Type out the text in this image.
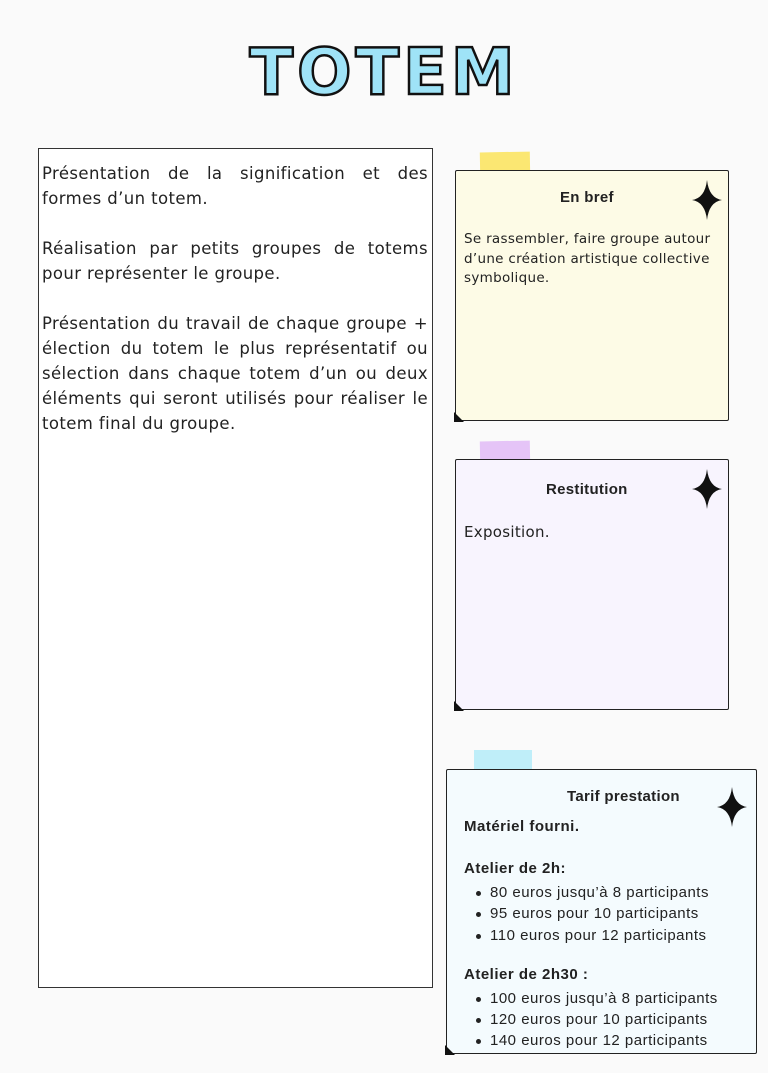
TOTEM

Présentation de la signification et des formes d’un totem.

Réalisation par petits groupes de totems pour représenter le groupe.

Présentation du travail de chaque groupe + élection du totem le plus représentatif ou sélection dans chaque totem d’un ou deux éléments qui seront utilisés pour réaliser le totem final du groupe.

En bref
Se rassembler, faire groupe autour d’une création artistique collective symbolique.
Restitution
Exposition.
Tarif prestation
Matériel fourni.
Atelier de 2h:
80 euros jusqu’à 8 participants
95 euros pour 10 participants
110 euros pour 12 participants
Atelier de 2h30 :
100 euros jusqu’à 8 participants
120 euros pour 10 participants
140 euros pour 12 participants
